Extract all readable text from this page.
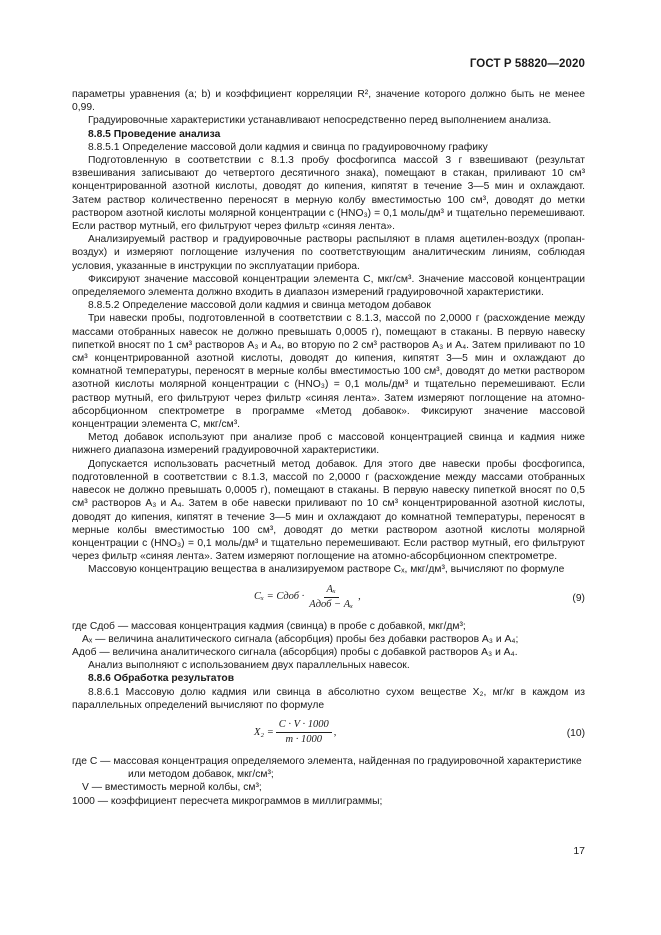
ГОСТ Р 58820—2020

параметры уравнения (a; b) и коэффициент корреляции R², значение которого должно быть не менее 0,99.

Градуировочные характеристики устанавливают непосредственно перед выполнением анализа.

8.8.5 Проведение анализа

8.8.5.1 Определение массовой доли кадмия и свинца по градуировочному графику

Подготовленную в соответствии с 8.1.3 пробу фосфогипса массой 3 г взвешивают (результат взвешивания записывают до четвертого десятичного знака), помещают в стакан, приливают 10 см³ концентрированной азотной кислоты, доводят до кипения, кипятят в течение 3—5 мин и охлаждают. Затем раствор количественно переносят в мерную колбу вместимостью 100 см³, доводят до метки раствором азотной кислоты молярной концентрации c (HNO₃) = 0,1 моль/дм³ и тщательно перемешивают. Если раствор мутный, его фильтруют через фильтр «синяя лента».

Анализируемый раствор и градуировочные растворы распыляют в пламя ацетилен-воздух (пропан-воздух) и измеряют поглощение излучения по соответствующим аналитическим линиям, соблюдая условия, указанные в инструкции по эксплуатации прибора.

Фиксируют значение массовой концентрации элемента C, мкг/см³. Значение массовой концентрации определяемого элемента должно входить в диапазон измерений градуировочной характеристики.

8.8.5.2 Определение массовой доли кадмия и свинца методом добавок

Три навески пробы, подготовленной в соответствии с 8.1.3, массой по 2,0000 г (расхождение между массами отобранных навесок не должно превышать 0,0005 г), помещают в стаканы. В первую навеску пипеткой вносят по 1 см³ растворов A₃ и A₄, во вторую по 2 см³ растворов A₃ и A₄. Затем приливают по 10 см³ концентрированной азотной кислоты, доводят до кипения, кипятят 3—5 мин и охлаждают до комнатной температуры, переносят в мерные колбы вместимостью 100 см³, доводят до метки раствором азотной кислоты молярной концентрации c (HNO₃) = 0,1 моль/дм³ и тщательно перемешивают. Если раствор мутный, его фильтруют через фильтр «синяя лента». Затем измеряют поглощение на атомно-абсорбционном спектрометре в программе «Метод добавок». Фиксируют значение массовой концентрации элемента C, мкг/см³.

Метод добавок используют при анализе проб с массовой концентрацией свинца и кадмия ниже нижнего диапазона измерений градуировочной характеристики.

Допускается использовать расчетный метод добавок. Для этого две навески пробы фосфогипса, подготовленной в соответствии с 8.1.3, массой по 2,0000 г (расхождение между массами отобранных навесок не должно превышать 0,0005 г), помещают в стаканы. В первую навеску пипеткой вносят по 0,5 см³ растворов A₃ и A₄. Затем в обе навески приливают по 10 см³ концентрированной азотной кислоты, доводят до кипения, кипятят в течение 3—5 мин и охлаждают до комнатной температуры, переносят в мерные колбы вместимостью 100 см³, доводят до метки раствором азотной кислоты молярной концентрации c (HNO₃) = 0,1 моль/дм³ и тщательно перемешивают. Если раствор мутный, его фильтруют через фильтр «синяя лента». Затем измеряют поглощение на атомно-абсорбционном спектрометре.

Массовую концентрацию вещества в анализируемом растворе Cₓ, мкг/дм³, вычисляют по формуле

Cₓ = Cдоб · $\frac{\text{Aₓ}}{\text{Aдоб − Aₓ}}$ ,	(9)

где Cдоб — массовая концентрация кадмия (свинца) в пробе с добавкой, мкг/дм³;

Aₓ — величина аналитического сигнала (абсорбция) пробы без добавки растворов A₃ и A₄;

Aдоб — величина аналитического сигнала (абсорбция) пробы с добавкой растворов A₃ и A₄.

Анализ выполняют с использованием двух параллельных навесок.

8.8.6 Обработка результатов

8.8.6.1 Массовую долю кадмия или свинца в абсолютно сухом веществе X₂, мг/кг в каждом из параллельных определений вычисляют по формуле

$X_2 = \frac{C \cdot V \cdot 1000}{m \cdot 1000}$ ,	(10)

где C — массовая концентрация определяемого элемента, найденная по градуировочной характеристике или методом добавок, мкг/см³;

V — вместимость мерной колбы, см³;

1000 — коэффициент пересчета микрограммов в миллиграммы;

17
